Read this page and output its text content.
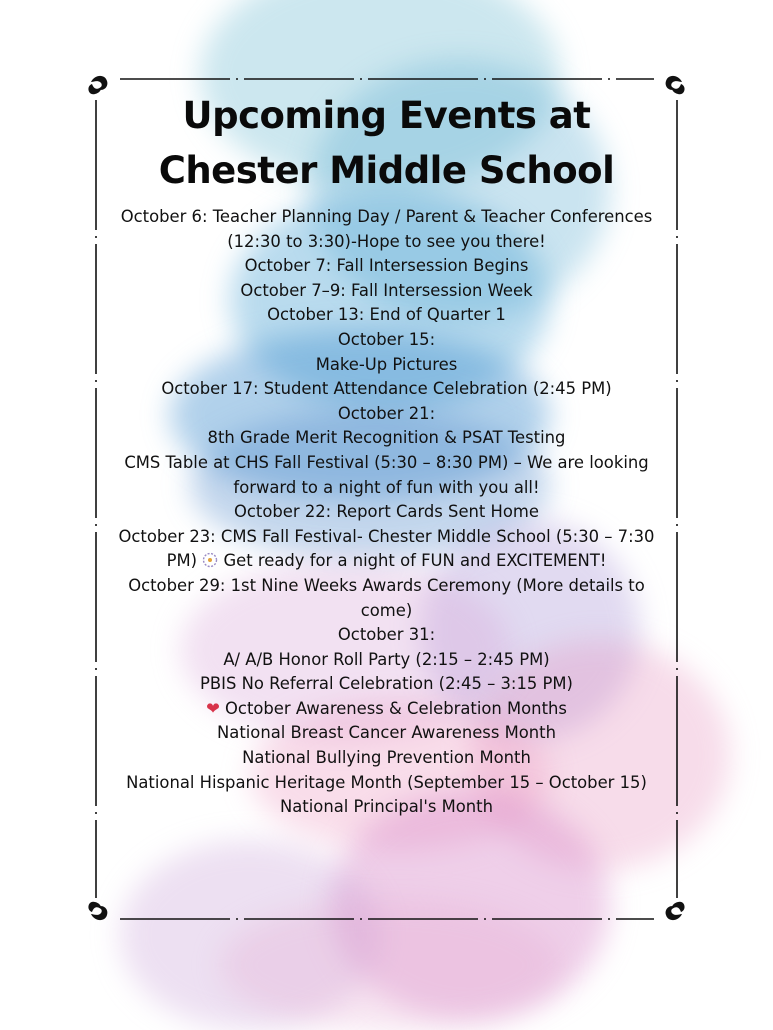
Upcoming Events at
Chester Middle School
October 6: Teacher Planning Day / Parent & Teacher Conferences
(12:30 to 3:30)-Hope to see you there!
October 7: Fall Intersession Begins
October 7–9: Fall Intersession Week
October 13: End of Quarter 1
October 15:
Make-Up Pictures
October 17: Student Attendance Celebration (2:45 PM)
October 21:
8th Grade Merit Recognition & PSAT Testing
CMS Table at CHS Fall Festival (5:30 – 8:30 PM) – We are looking
forward to a night of fun with you all!
October 22: Report Cards Sent Home
October 23: CMS Fall Festival- Chester Middle School (5:30 – 7:30
PM) Get ready for a night of FUN and EXCITEMENT!
October 29: 1st Nine Weeks Awards Ceremony (More details to
come)
October 31:
A/ A/B Honor Roll Party (2:15 – 2:45 PM)
PBIS No Referral Celebration (2:45 – 3:15 PM)
❤ October Awareness & Celebration Months
National Breast Cancer Awareness Month
National Bullying Prevention Month
National Hispanic Heritage Month (September 15 – October 15)
National Principal's Month
